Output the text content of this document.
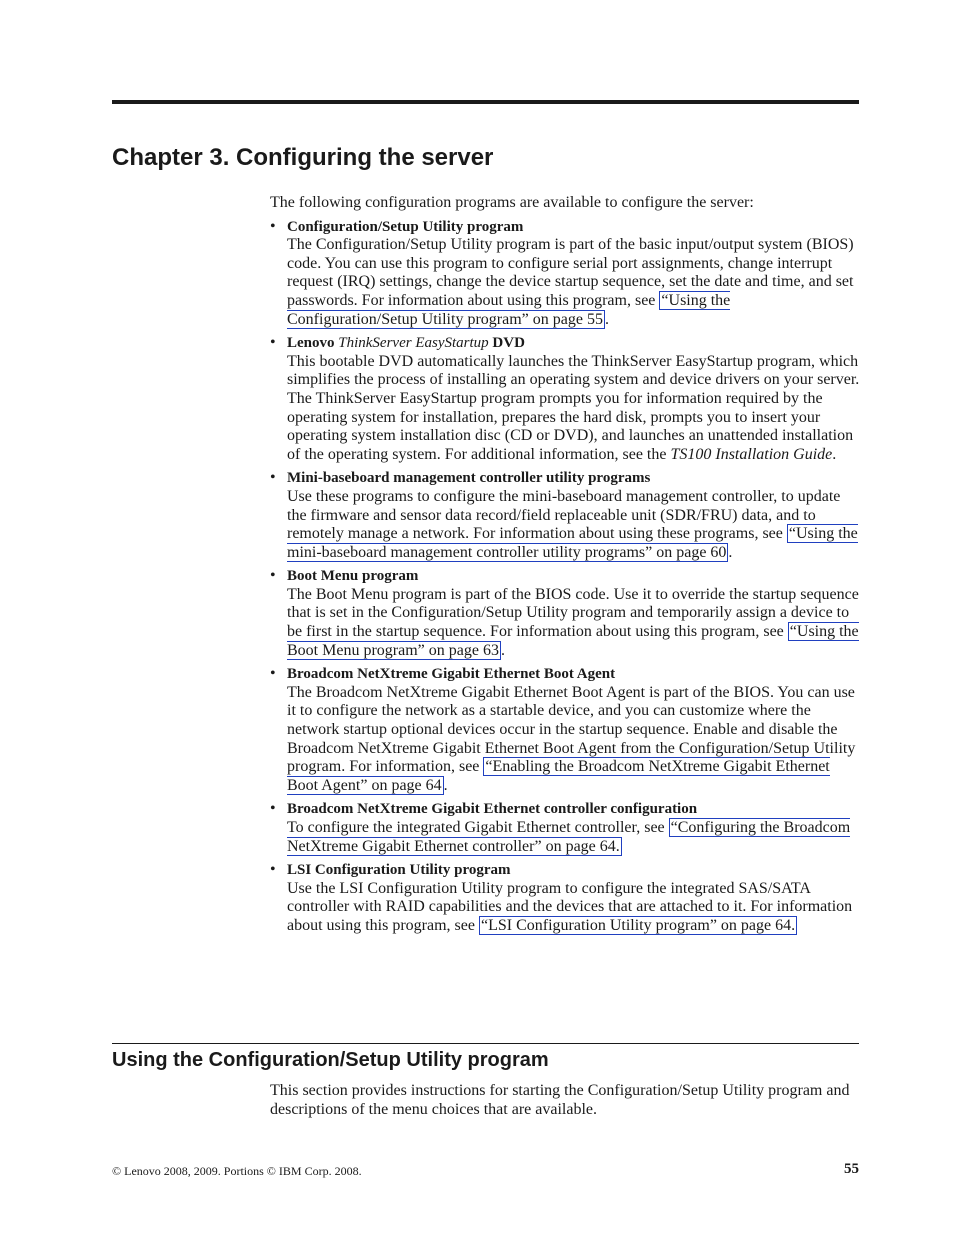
Chapter 3. Configuring the server

The following configuration programs are available to configure the server:

• Configuration/Setup Utility program

The Configuration/Setup Utility program is part of the basic input/output system (BIOS) code. You can use this program to configure serial port assignments, change interrupt request (IRQ) settings, change the device startup sequence, set the date and time, and set passwords. For information about using this program, see “Using the Configuration/Setup Utility program” on page 55 .

• Lenovo ThinkServer EasyStartup DVD

This bootable DVD automatically launches the ThinkServer EasyStartup program, which simplifies the process of installing an operating system and device drivers on your server. The ThinkServer EasyStartup program prompts you for information required by the operating system for installation, prepares the hard disk, prompts you to insert your operating system installation disc (CD or DVD), and launches an unattended installation of the operating system. For additional information, see the TS100 Installation Guide.

• Mini-baseboard management controller utility programs

Use these programs to configure the mini-baseboard management controller, to update the firmware and sensor data record/field replaceable unit (SDR/FRU) data, and to remotely manage a network. For information about using these programs, see “Using the mini-baseboard management controller utility programs” on page 60 .

• Boot Menu program

The Boot Menu program is part of the BIOS code. Use it to override the startup sequence that is set in the Configuration/Setup Utility program and temporarily assign a device to be first in the startup sequence. For information about using this program, see “Using the Boot Menu program” on page 63 .

• Broadcom NetXtreme Gigabit Ethernet Boot Agent

The Broadcom NetXtreme Gigabit Ethernet Boot Agent is part of the BIOS. You can use it to configure the network as a startable device, and you can customize where the network startup optional devices occur in the startup sequence. Enable and disable the Broadcom NetXtreme Gigabit Ethernet Boot Agent from the Configuration/Setup Utility program. For information, see “Enabling the Broadcom NetXtreme Gigabit Ethernet Boot Agent” on page 64 .

• Broadcom NetXtreme Gigabit Ethernet controller configuration

To configure the integrated Gigabit Ethernet controller, see “Configuring the Broadcom NetXtreme Gigabit Ethernet controller” on page 64.

• LSI Configuration Utility program

Use the LSI Configuration Utility program to configure the integrated SAS/SATA controller with RAID capabilities and the devices that are attached to it. For information about using this program, see “LSI Configuration Utility program” on page 64.

Using the Configuration/Setup Utility program

This section provides instructions for starting the Configuration/Setup Utility program and descriptions of the menu choices that are available.

© Lenovo 2008, 2009. Portions © IBM Corp. 2008.	55
